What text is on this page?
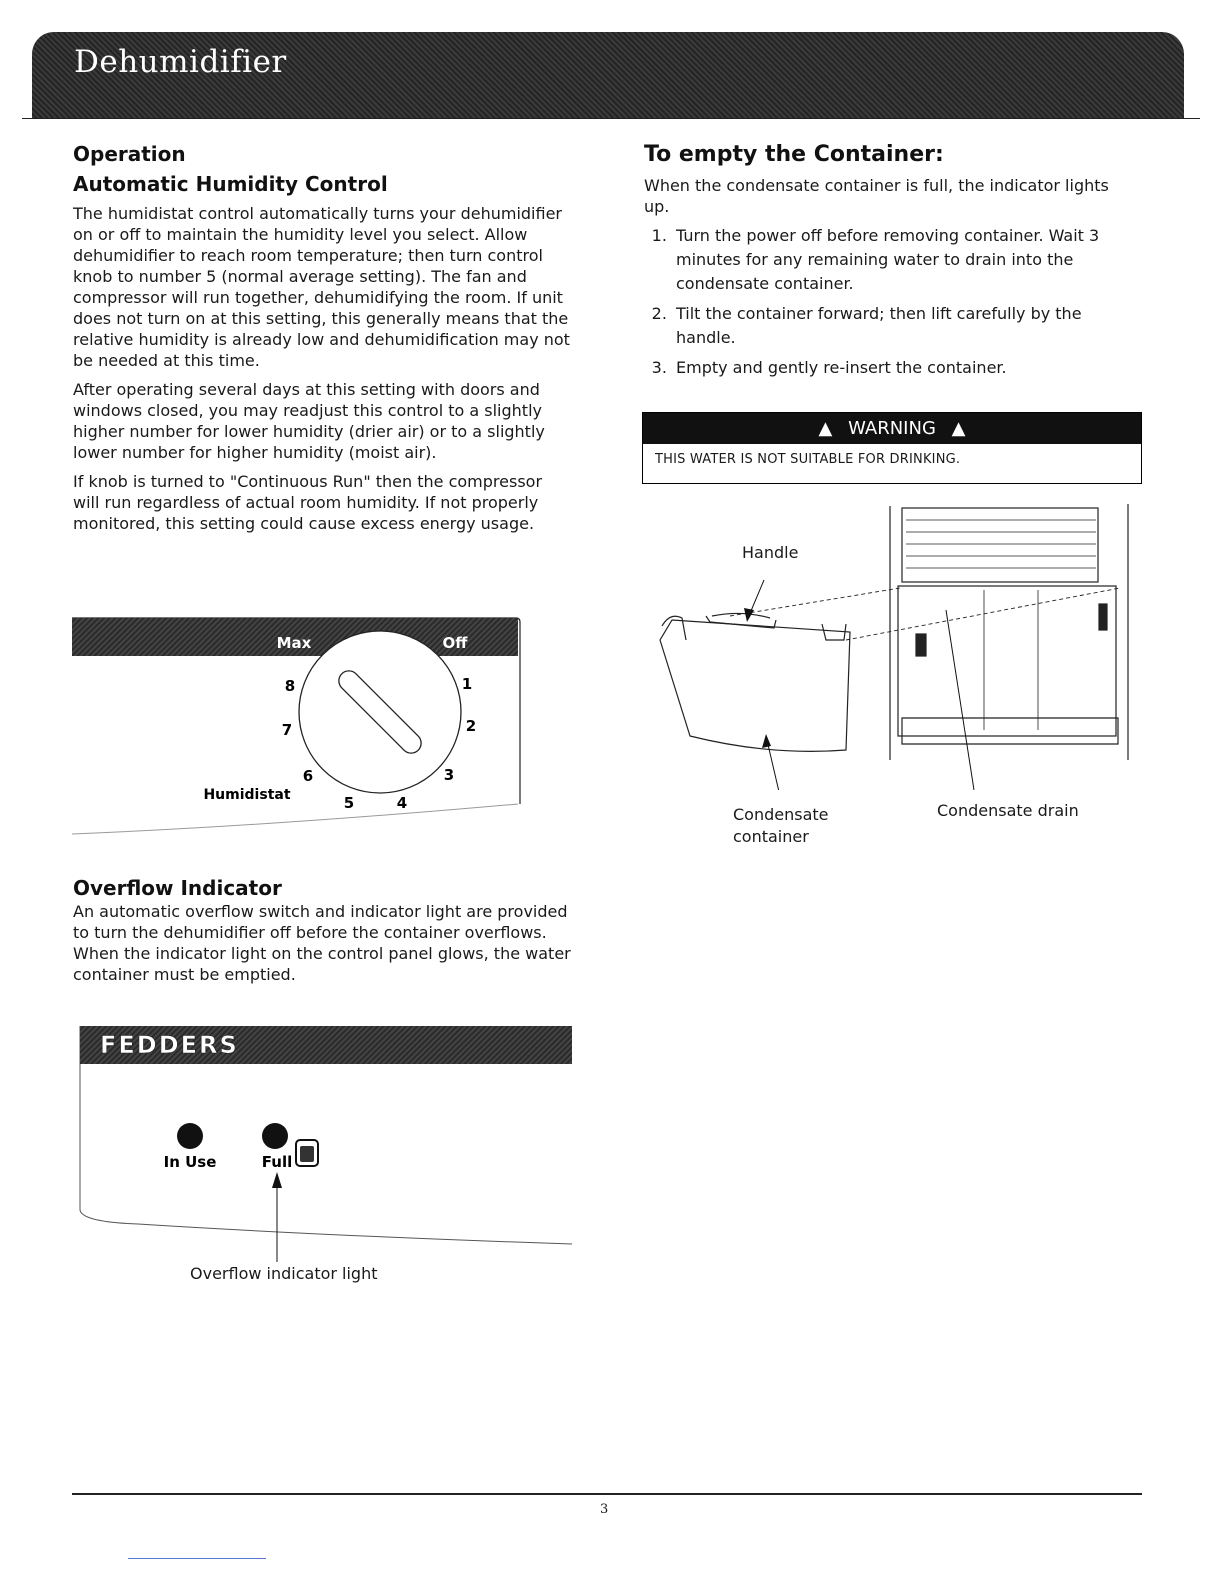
Dehumidifier
Operation
Automatic Humidity Control

The humidistat control automatically turns your dehumidifier on or off to maintain the humidity level you select. Allow dehumidifier to reach room temperature; then turn control knob to number 5 (normal average setting). The fan and compressor will run together, dehumidifying the room. If unit does not turn on at this setting, this generally means that the relative humidity is already low and dehumidification may not be needed at this time.

After operating several days at this setting with doors and windows closed, you may readjust this control to a slightly higher number for lower humidity (drier air) or to a slightly lower number for higher humidity (moist air).

If knob is turned to "Continuous Run" then the compressor will run regardless of actual room humidity. If not properly monitored, this setting could cause excess energy usage.

Max	Off
8
7
6
5	4
3
2
1
Humidistat
Overflow Indicator
An automatic overflow switch and indicator light are provided to turn the dehumidifier off before the container overflows. When the indicator light on the control panel glows, the water container must be emptied.
FEDDERS
In Use	Full
Overflow indicator light
To empty the Container:
When the condensate container is full, the indicator lights up.
1. Turn the power off before removing container. Wait 3 minutes for any remaining water to drain into the condensate container.
2. Tilt the container forward; then lift carefully by the handle.
3. Empty and gently re-insert the container.
▲ WARNING ▲
THIS WATER IS NOT SUITABLE FOR DRINKING.
Handle
Condensate
container
Condensate drain
3
